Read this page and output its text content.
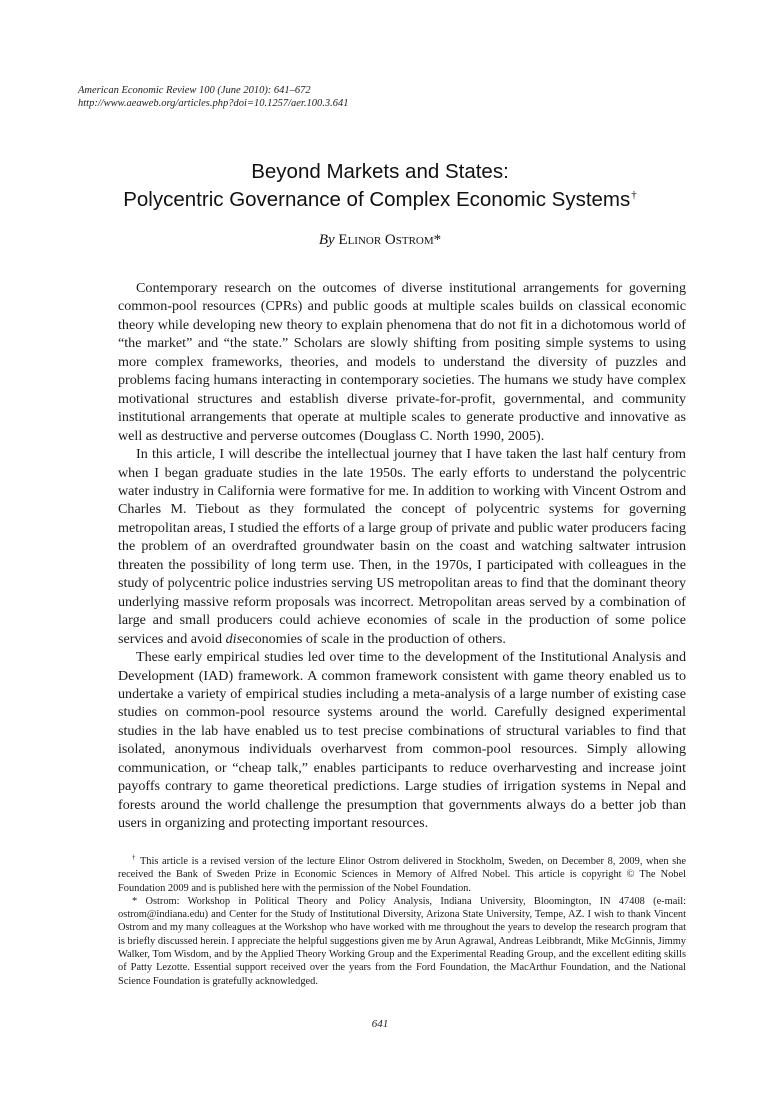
American Economic Review 100 (June 2010): 641–672
http://www.aeaweb.org/articles.php?doi=10.1257/aer.100.3.641
Beyond Markets and States:
Polycentric Governance of Complex Economic Systems†
By Elinor Ostrom*

Contemporary research on the outcomes of diverse institutional arrangements for governing common-pool resources (CPRs) and public goods at multiple scales builds on classical economic theory while developing new theory to explain phenomena that do not fit in a dichotomous world of “the market” and “the state.” Scholars are slowly shifting from positing simple systems to using more complex frameworks, theories, and models to understand the diversity of puzzles and problems facing humans interacting in contemporary societies. The humans we study have complex motivational structures and establish diverse private-for-profit, governmental, and community institutional arrangements that operate at multiple scales to generate productive and innovative as well as destructive and perverse outcomes (Douglass C. North 1990, 2005).

In this article, I will describe the intellectual journey that I have taken the last half century from when I began graduate studies in the late 1950s. The early efforts to understand the polycentric water industry in California were formative for me. In addition to working with Vincent Ostrom and Charles M. Tiebout as they formulated the concept of polycentric systems for governing metropolitan areas, I studied the efforts of a large group of private and public water producers facing the problem of an overdrafted groundwater basin on the coast and watching saltwater intrusion threaten the possibility of long term use. Then, in the 1970s, I participated with colleagues in the study of polycentric police industries serving US metropolitan areas to find that the dominant theory underlying massive reform proposals was incorrect. Metropolitan areas served by a combination of large and small producers could achieve economies of scale in the production of some police services and avoid diseconomies of scale in the production of others.

These early empirical studies led over time to the development of the Institutional Analysis and Development (IAD) framework. A common framework consistent with game theory enabled us to undertake a variety of empirical studies including a meta-analysis of a large number of existing case studies on common-pool resource systems around the world. Carefully designed experimental studies in the lab have enabled us to test precise combinations of structural variables to find that isolated, anonymous individuals overharvest from common-pool resources. Simply allowing communication, or “cheap talk,” enables participants to reduce overharvesting and increase joint payoffs contrary to game theoretical predictions. Large studies of irrigation systems in Nepal and forests around the world challenge the presumption that governments always do a better job than users in organizing and protecting important resources.

† This article is a revised version of the lecture Elinor Ostrom delivered in Stockholm, Sweden, on December 8, 2009, when she received the Bank of Sweden Prize in Economic Sciences in Memory of Alfred Nobel. This article is copyright © The Nobel Foundation 2009 and is published here with the permission of the Nobel Foundation.

* Ostrom: Workshop in Political Theory and Policy Analysis, Indiana University, Bloomington, IN 47408 (e-mail: ostrom@indiana.edu) and Center for the Study of Institutional Diversity, Arizona State University, Tempe, AZ. I wish to thank Vincent Ostrom and my many colleagues at the Workshop who have worked with me throughout the years to develop the research program that is briefly discussed herein. I appreciate the helpful suggestions given me by Arun Agrawal, Andreas Leibbrandt, Mike McGinnis, Jimmy Walker, Tom Wisdom, and by the Applied Theory Working Group and the Experimental Reading Group, and the excellent editing skills of Patty Lezotte. Essential support received over the years from the Ford Foundation, the MacArthur Foundation, and the National Science Foundation is gratefully acknowledged.

641
